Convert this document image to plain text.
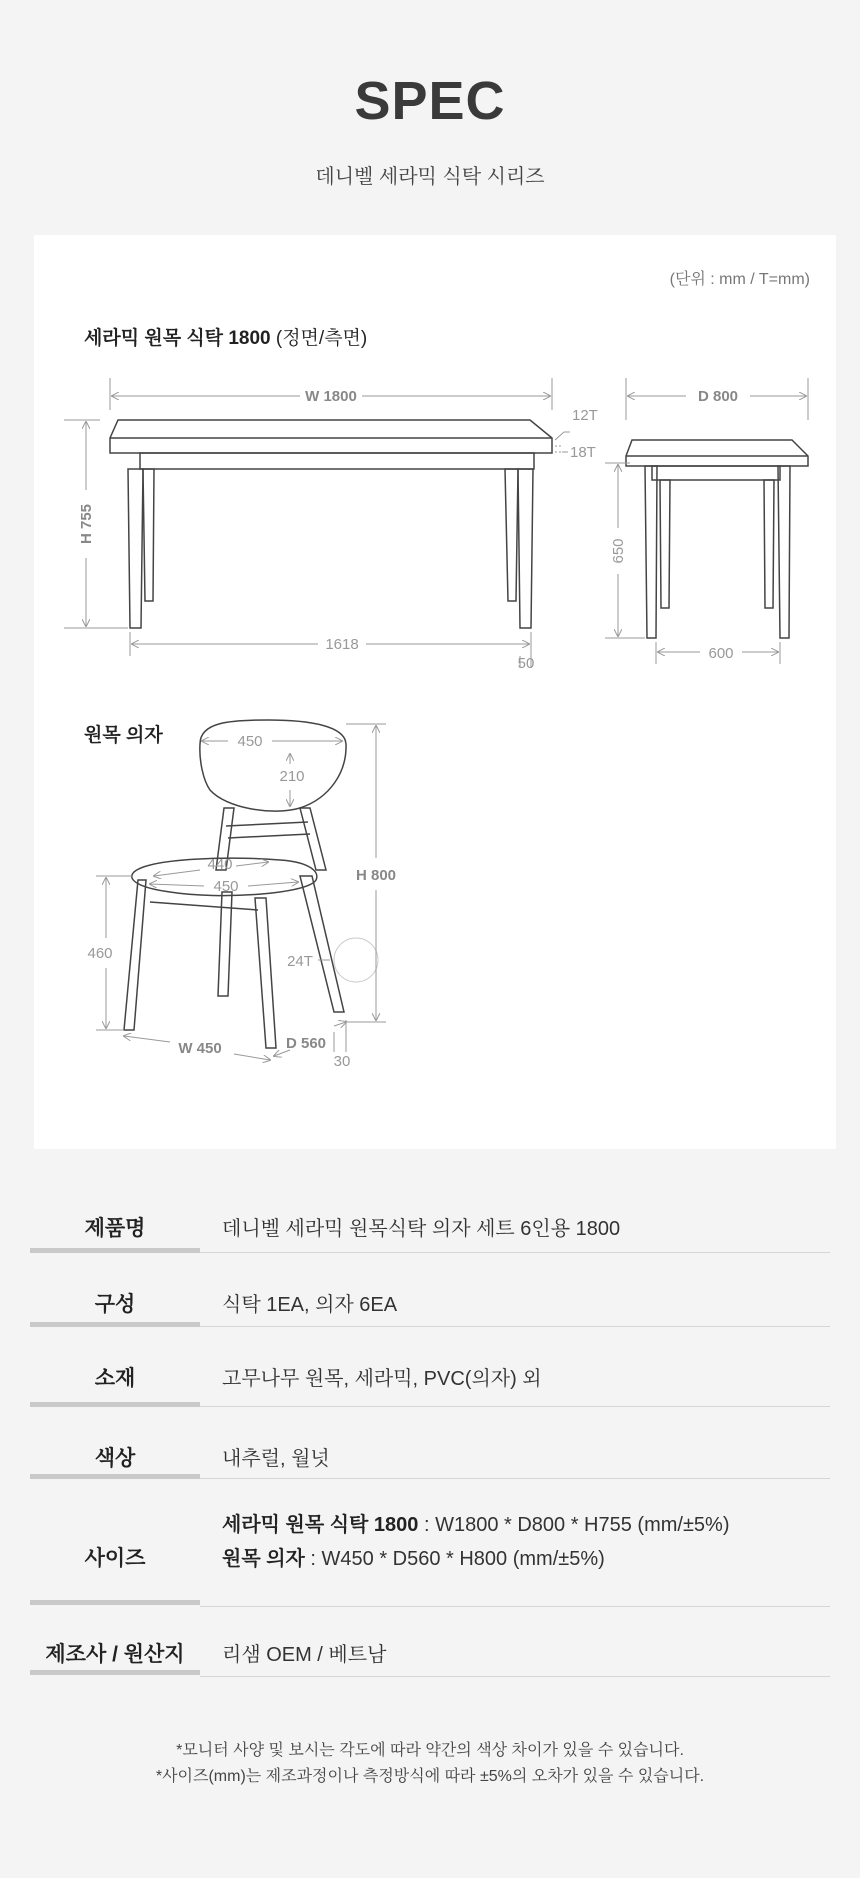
SPEC
데니벨 세라믹 식탁 시리즈
(단위 : mm / T=mm)
세라믹 원목 식탁 1800 (정면/측면)
원목 의자
W 1800	D 800
H 755
12T
18T
1618
50
650
600
450
210
440
450
H 800
460	24T
W 450	D 560
30
제품명	데니벨 세라믹 원목식탁 의자 세트 6인용 1800
구성	식탁 1EA, 의자 6EA
소재	고무나무 원목, 세라믹, PVC(의자) 외
색상	내추럴, 월넛
사이즈
세라믹 원목 식탁 1800 : W1800 * D800 * H755 (mm/±5%)
원목 의자 : W450 * D560 * H800 (mm/±5%)
제조사 / 원산지	리샘 OEM / 베트남
*모니터 사양 및 보시는 각도에 따라 약간의 색상 차이가 있을 수 있습니다.
*사이즈(mm)는 제조과정이나 측정방식에 따라 ±5%의 오차가 있을 수 있습니다.
